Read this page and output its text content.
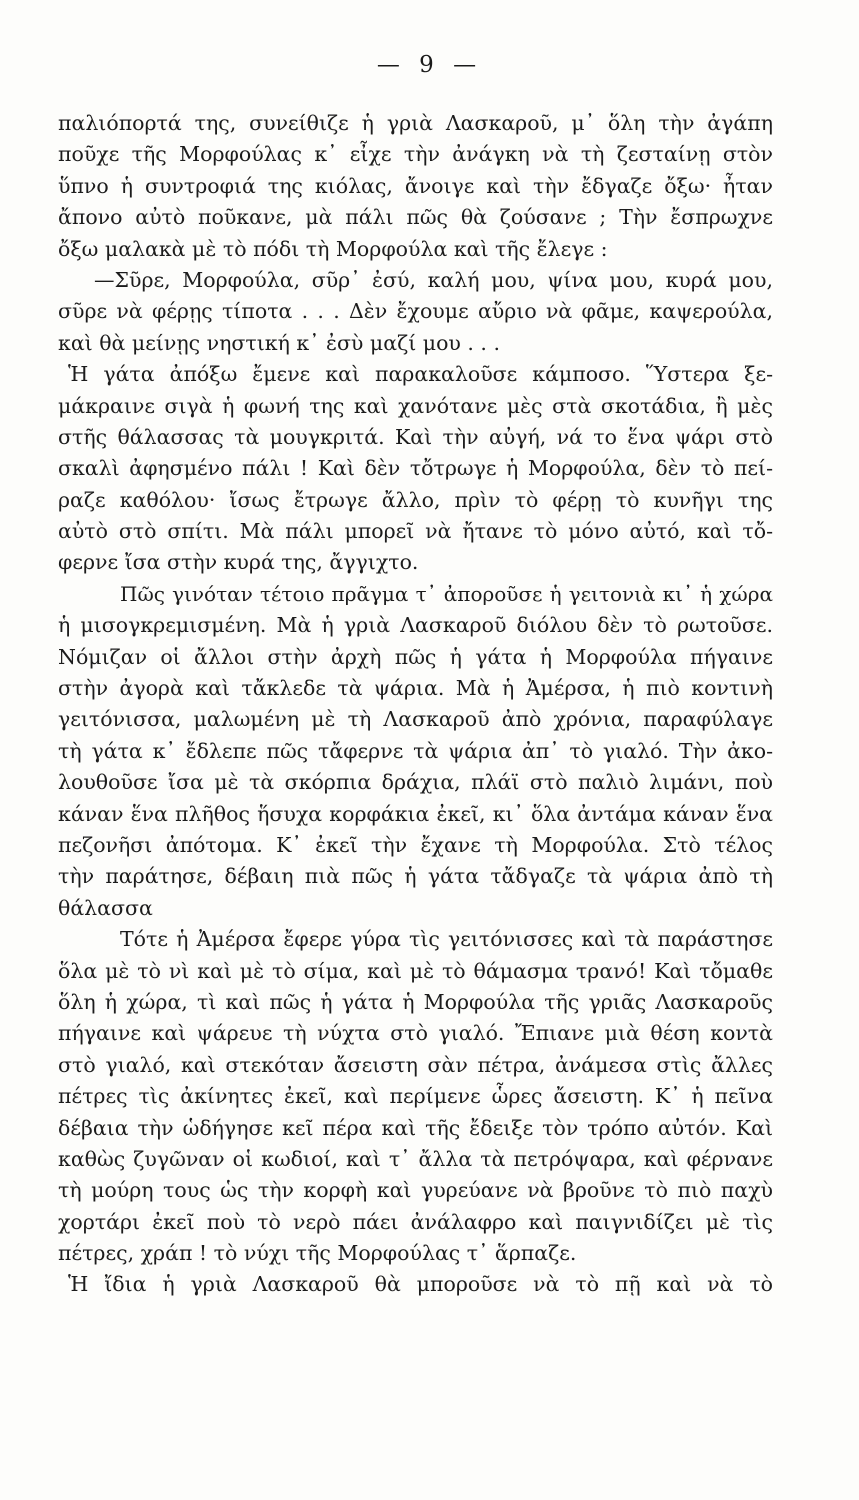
— 9 —
παλιόπορτά της, συνείθιζε ἡ γριὰ Λασκαροῦ, μ᾽ ὅλη τὴν ἀγάπη
ποῦχε τῆς Μορφούλας κ᾽ εἶχε τὴν ἀνάγκη νὰ τὴ ζεσταίνῃ στὸν
ὕπνο ἡ συντροφιά της κιόλας, ἄνοιγε καὶ τὴν ἔδγαζε ὄξω· ἦταν
ἄπονο αὐτὸ ποῦκανε, μὰ πάλι πῶς θὰ ζούσανε ; Τὴν ἔσπρωχνε
ὄξω μαλακὰ μὲ τὸ πόδι τὴ Μορφούλα καὶ τῆς ἔλεγε :
—Σῦρε, Μορφούλα, σῦρ᾽ ἐσύ, καλή μου, ψίνα μου, κυρά μου,
σῦρε νὰ φέρῃς τίποτα . . . Δὲν ἔχουμε αὔριο νὰ φᾶμε, καψερούλα,
καὶ θὰ μείνῃς νηστική κ᾽ ἐσὺ μαζί μου . . .
Ἡ γάτα ἀπόξω ἔμενε καὶ παρακαλοῦσε κάμποσο. Ὕστερα ξε-
μάκραινε σιγὰ ἡ φωνή της καὶ χανότανε μὲς στὰ σκοτάδια, ἢ μὲς
στῆς θάλασσας τὰ μουγκριτά. Καὶ τὴν αὐγή, νά το ἕνα ψάρι στὸ
σκαλὶ ἀφησμένο πάλι ! Καὶ δὲν τὄτρωγε ἡ Μορφούλα, δὲν τὸ πεί-
ραζε καθόλου· ἴσως ἔτρωγε ἄλλο, πρὶν τὸ φέρῃ τὸ κυνῆγι της
αὐτὸ στὸ σπίτι. Μὰ πάλι μπορεῖ νὰ ἤτανε τὸ μόνο αὐτό, καὶ τὄ-
φερνε ἴσα στὴν κυρά της, ἄγγιχτο.
Πῶς γινόταν τέτοιο πρᾶγμα τ᾽ ἀποροῦσε ἡ γειτονιὰ κι᾽ ἡ χώρα
ἡ μισογκρεμισμένη. Μὰ ἡ γριὰ Λασκαροῦ διόλου δὲν τὸ ρωτοῦσε.
Νόμιζαν οἱ ἄλλοι στὴν ἀρχὴ πῶς ἡ γάτα ἡ Μορφούλα πήγαινε
στὴν ἀγορὰ καὶ τἄκλεδε τὰ ψάρια. Μὰ ἡ Ἀμέρσα, ἡ πιὸ κοντινὴ
γειτόνισσα, μαλωμένη μὲ τὴ Λασκαροῦ ἀπὸ χρόνια, παραφύλαγε
τὴ γάτα κ᾽ ἔδλεπε πῶς τἄφερνε τὰ ψάρια ἀπ᾽ τὸ γιαλό. Τὴν ἀκο-
λουθοῦσε ἴσα μὲ τὰ σκόρπια δράχια, πλάϊ στὸ παλιὸ λιμάνι, ποὺ
κάναν ἕνα πλῆθος ἥσυχα κορφάκια ἐκεῖ, κι᾽ ὅλα ἀντάμα κάναν ἕνα
πεζονῆσι ἀπότομα. Κ᾽ ἐκεῖ τὴν ἔχανε τὴ Μορφούλα. Στὸ τέλος
τὴν παράτησε, δέβαιη πιὰ πῶς ἡ γάτα τἄδγαζε τὰ ψάρια ἀπὸ τὴ
θάλασσα
Τότε ἡ Ἀμέρσα ἔφερε γύρα τὶς γειτόνισσες καὶ τὰ παράστησε
ὅλα μὲ τὸ νὶ καὶ μὲ τὸ σίμα, καὶ μὲ τὸ θάμασμα τρανό! Καὶ τὄμαθε
ὅλη ἡ χώρα, τὶ καὶ πῶς ἡ γάτα ἡ Μορφούλα τῆς γριᾶς Λασκαροῦς
πήγαινε καὶ ψάρευε τὴ νύχτα στὸ γιαλό. Ἔπιανε μιὰ θέση κοντὰ
στὸ γιαλό, καὶ στεκόταν ἄσειστη σὰν πέτρα, ἀνάμεσα στὶς ἄλλες
πέτρες τὶς ἀκίνητες ἐκεῖ, καὶ περίμενε ὧρες ἄσειστη. Κ᾽ ἡ πεῖνα
δέβαια τὴν ὡδήγησε κεῖ πέρα καὶ τῆς ἔδειξε τὸν τρόπο αὐτόν. Καὶ
καθὼς ζυγῶναν οἱ κωδιοί, καὶ τ᾽ ἄλλα τὰ πετρόψαρα, καὶ φέρνανε
τὴ μούρη τους ὡς τὴν κορφὴ καὶ γυρεύανε νὰ βροῦνε τὸ πιὸ παχὺ
χορτάρι ἐκεῖ ποὺ τὸ νερὸ πάει ἀνάλαφρο καὶ παιγνιδίζει μὲ τὶς
πέτρες, χράπ ! τὸ νύχι τῆς Μορφούλας τ᾽ ἅρπαζε.
Ἡ ἴδια ἡ γριὰ Λασκαροῦ θὰ μποροῦσε νὰ τὸ πῇ καὶ νὰ τὸ
